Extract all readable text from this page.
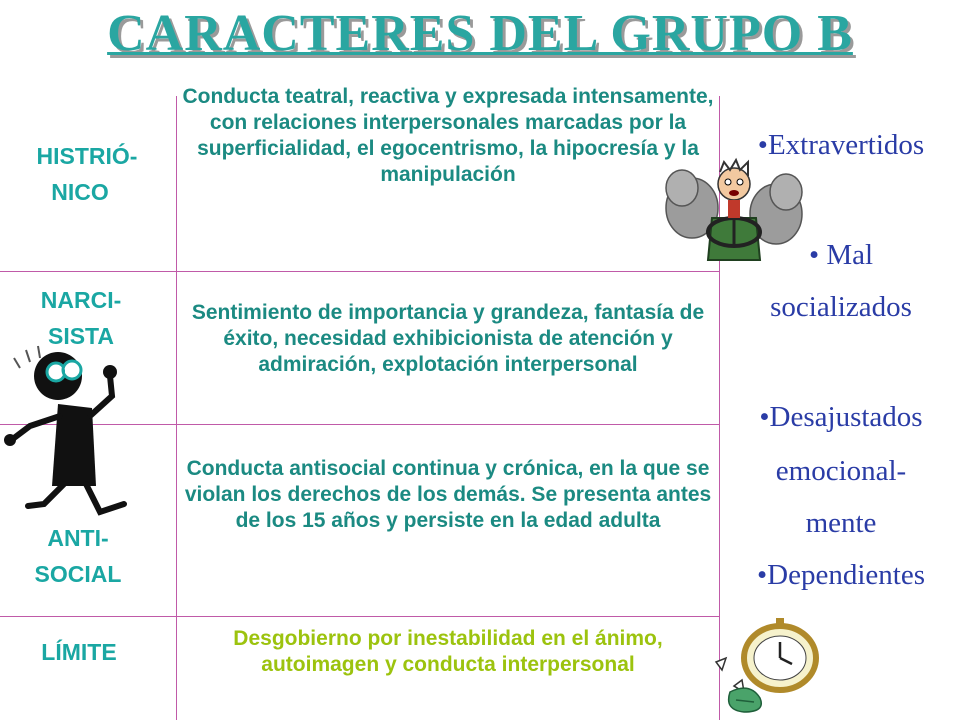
CARACTERES DEL GRUPO B
HISTRIÓ-
NICO
NARCI-
SISTA
ANTI-
SOCIAL
LÍMITE
Conducta teatral, reactiva y expresada intensamente, con relaciones interpersonales marcadas por la superficialidad, el egocentrismo, la hipocresía y la manipulación
Sentimiento de importancia y grandeza, fantasía de éxito, necesidad exhibicionista de atención y admiración, explotación interpersonal
Conducta antisocial continua y crónica, en la que se violan los derechos de los demás. Se presenta antes de los 15 años y persiste en la edad adulta
Desgobierno por inestabilidad en el ánimo, autoimagen y conducta interpersonal
•Extravertidos
• Mal
socializados
•Desajustados
emocional-
mente
•Dependientes
